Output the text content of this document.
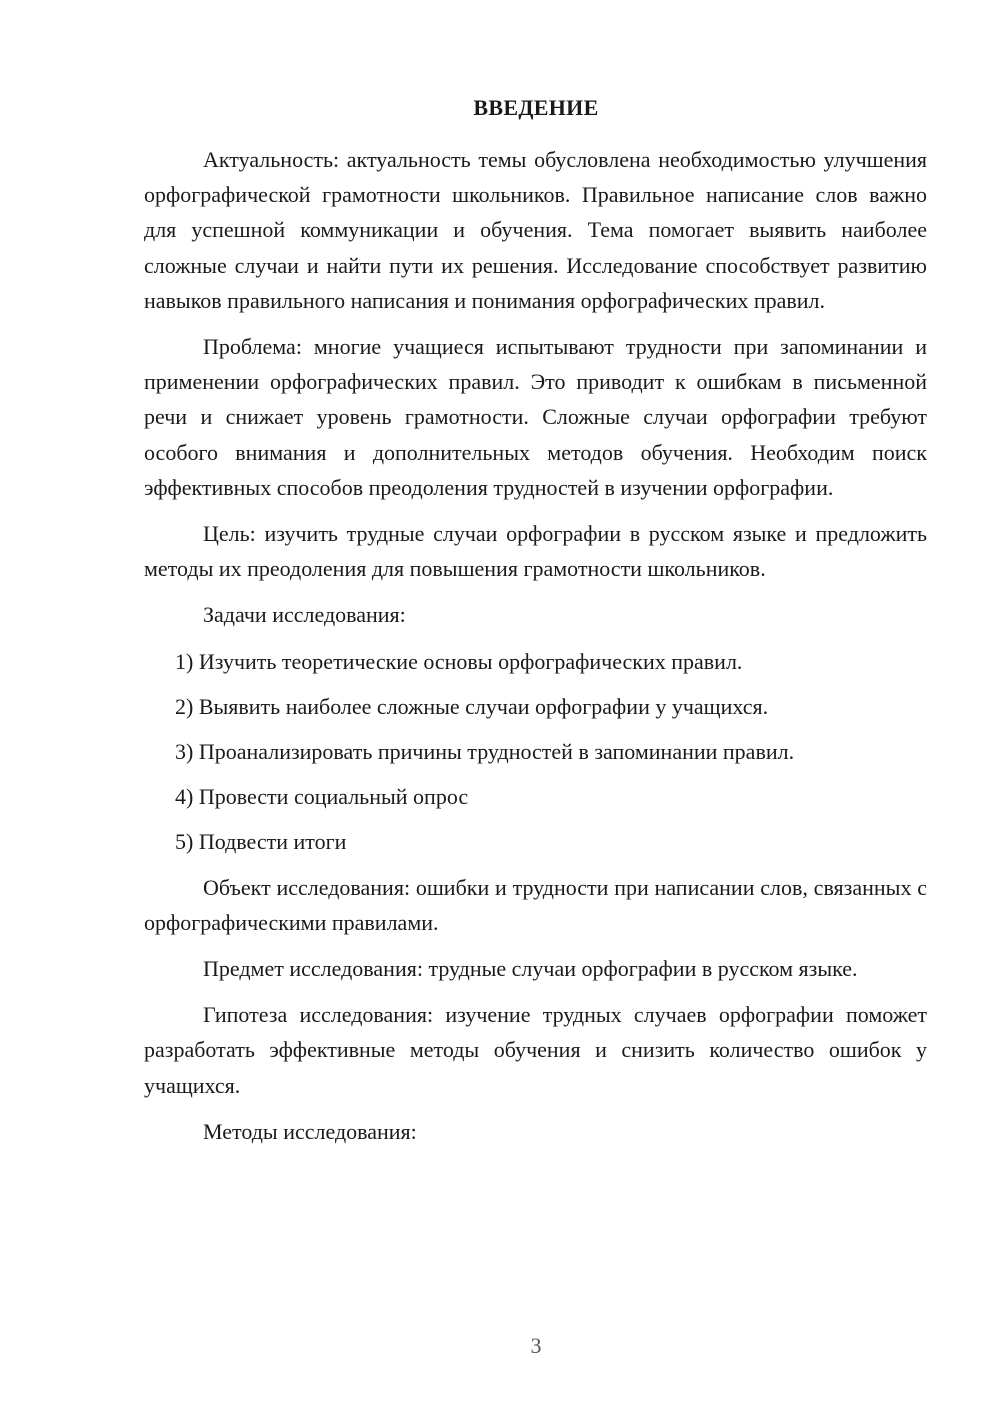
ВВЕДЕНИЕ

Актуальность: актуальность темы обусловлена необходимостью улучшения орфографической грамотности школьников. Правильное написание слов важно для успешной коммуникации и обучения. Тема помогает выявить наиболее сложные случаи и найти пути их решения. Исследование способствует развитию навыков правильного написания и понимания орфографических правил.

Проблема: многие учащиеся испытывают трудности при запоминании и применении орфографических правил. Это приводит к ошибкам в письменной речи и снижает уровень грамотности. Сложные случаи орфографии требуют особого внимания и дополнительных методов обучения. Необходим поиск эффективных способов преодоления трудностей в изучении орфографии.

Цель: изучить трудные случаи орфографии в русском языке и предложить методы их преодоления для повышения грамотности школьников.

Задачи исследования:

1) Изучить теоретические основы орфографических правил.

2) Выявить наиболее сложные случаи орфографии у учащихся.

3) Проанализировать причины трудностей в запоминании правил.

4) Провести социальный опрос

5) Подвести итоги

Объект исследования: ошибки и трудности при написании слов, связанных с орфографическими правилами.

Предмет исследования: трудные случаи орфографии в русском языке.

Гипотеза исследования: изучение трудных случаев орфографии поможет разработать эффективные методы обучения и снизить количество ошибок у учащихся.

Методы исследования:

3
